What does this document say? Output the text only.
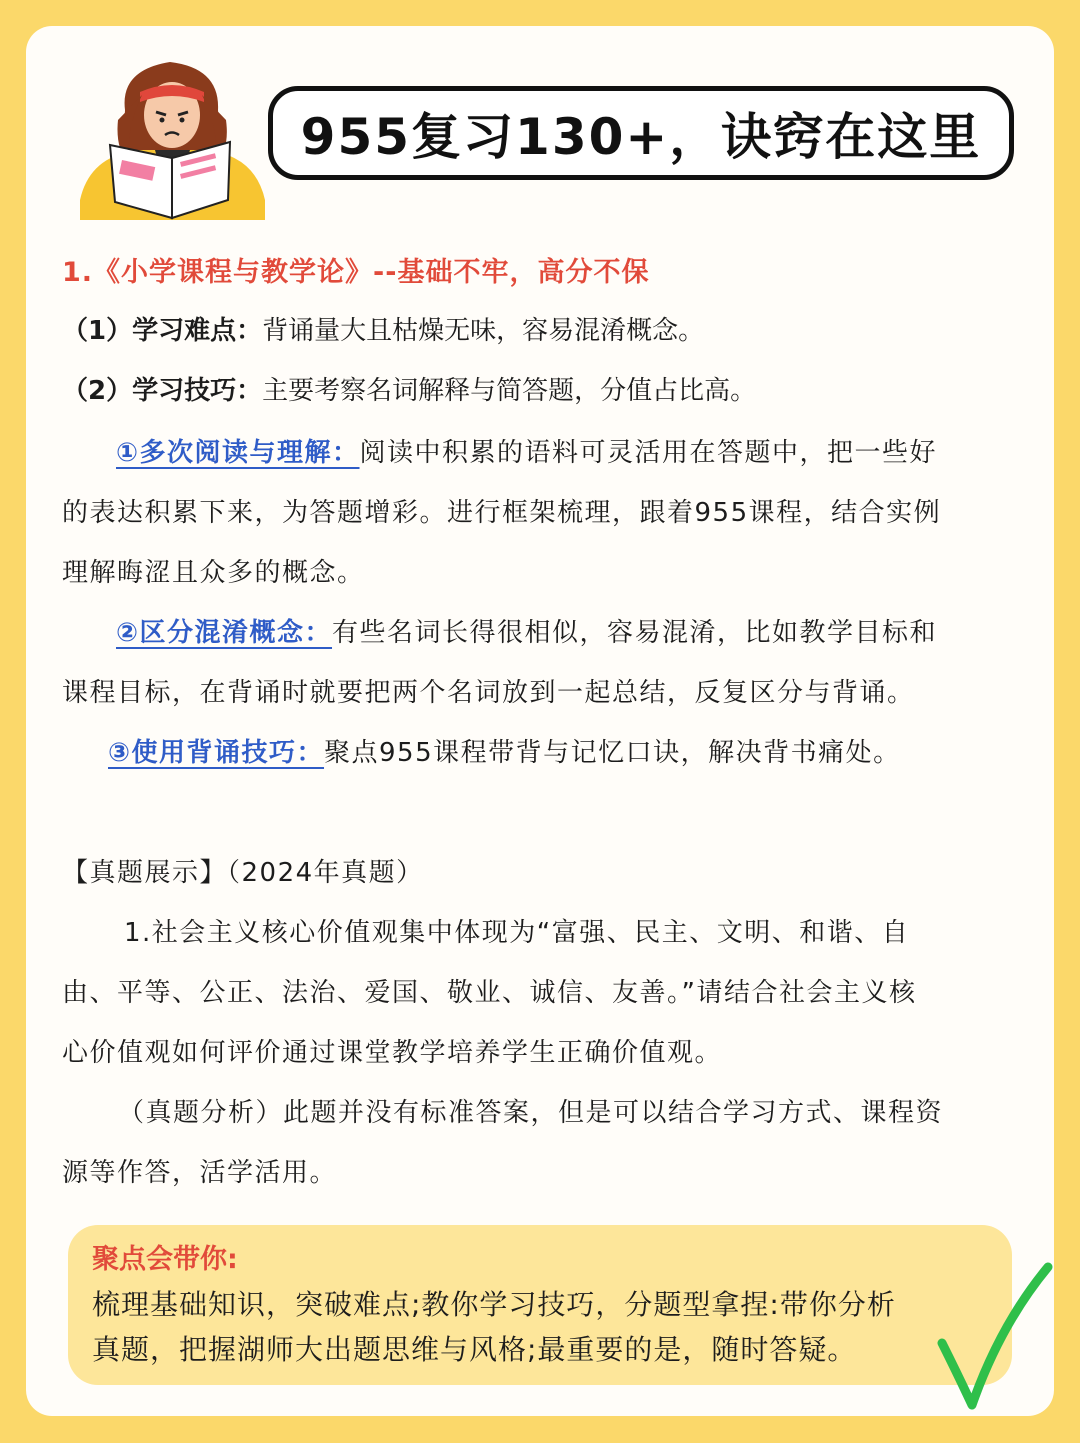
955复习130+，诀窍在这里
1.《小学课程与教学论》--基础不牢，高分不保
（1）学习难点：背诵量大且枯燥无味，容易混淆概念。
（2）学习技巧：主要考察名词解释与简答题，分值占比高。
①多次阅读与理解：阅读中积累的语料可灵活用在答题中，把一些好
的表达积累下来，为答题增彩。进行框架梳理，跟着955课程，结合实例
理解晦涩且众多的概念。
②区分混淆概念：有些名词长得很相似，容易混淆，比如教学目标和
课程目标，在背诵时就要把两个名词放到一起总结，反复区分与背诵。
③使用背诵技巧：聚点955课程带背与记忆口诀，解决背书痛处。
【真题展示】（2024年真题）
1.社会主义核心价值观集中体现为“富强、民主、文明、和谐、自
由、平等、公正、法治、爱国、敬业、诚信、友善。”请结合社会主义核
心价值观如何评价通过课堂教学培养学生正确价值观。
（真题分析）此题并没有标准答案，但是可以结合学习方式、课程资
源等作答，活学活用。
聚点会带你:
梳理基础知识，突破难点;教你学习技巧，分题型拿捏:带你分析
真题，把握湖师大出题思维与风格;最重要的是，随时答疑。
